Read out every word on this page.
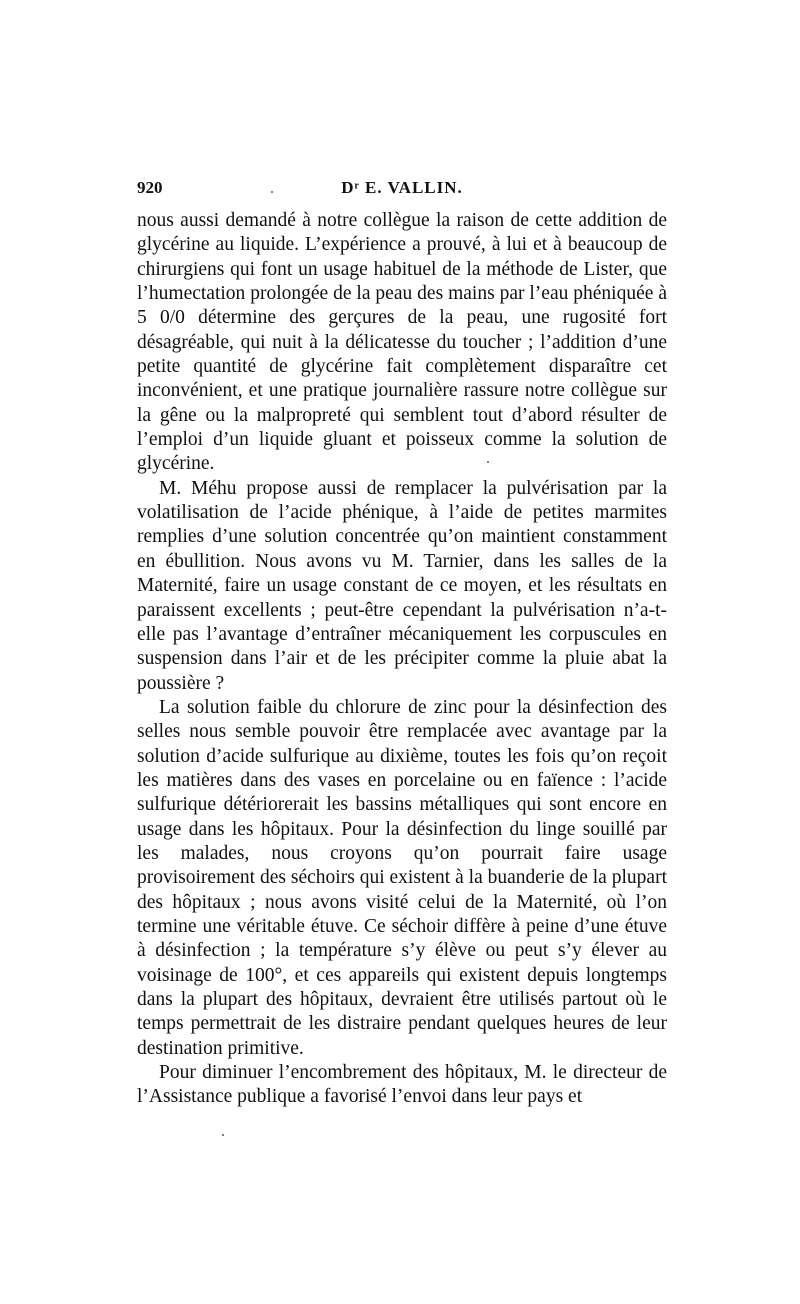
920	Dʳ E. VALLIN.

nous aussi demandé à notre collègue la raison de cette addition de glycérine au liquide. L’expérience a prouvé, à lui et à beaucoup de chirurgiens qui font un usage habituel de la méthode de Lister, que l’humectation prolongée de la peau des mains par l’eau phéniquée à 5 0/0 détermine des gerçures de la peau, une rugosité fort désagréable, qui nuit à la délicatesse du toucher ; l’addition d’une petite quantité de glycérine fait complètement disparaître cet inconvénient, et une pratique journalière rassure notre collègue sur la gêne ou la malpropreté qui semblent tout d’abord résulter de l’emploi d’un liquide gluant et poisseux comme la solution de glycérine.

M. Méhu propose aussi de remplacer la pulvérisation par la volatilisation de l’acide phénique, à l’aide de petites marmites remplies d’une solution concentrée qu’on maintient constamment en ébullition. Nous avons vu M. Tarnier, dans les salles de la Maternité, faire un usage constant de ce moyen, et les résultats en paraissent excellents ; peut-être cependant la pulvérisation n’a-t-elle pas l’avantage d’entraîner mécaniquement les corpuscules en suspension dans l’air et de les précipiter comme la pluie abat la poussière ?

La solution faible du chlorure de zinc pour la désinfection des selles nous semble pouvoir être remplacée avec avantage par la solution d’acide sulfurique au dixième, toutes les fois qu’on reçoit les matières dans des vases en porcelaine ou en faïence : l’acide sulfurique détériorerait les bassins métalliques qui sont encore en usage dans les hôpitaux. Pour la désinfection du linge souillé par les malades, nous croyons qu’on pourrait faire usage provisoirement des séchoirs qui existent à la buanderie de la plupart des hôpitaux ; nous avons visité celui de la Maternité, où l’on termine une véritable étuve. Ce séchoir diffère à peine d’une étuve à désinfection ; la température s’y élève ou peut s’y élever au voisinage de 100°, et ces appareils qui existent depuis longtemps dans la plupart des hôpitaux, devraient être utilisés partout où le temps permettrait de les distraire pendant quelques heures de leur destination primitive.

Pour diminuer l’encombrement des hôpitaux, M. le directeur de l’Assistance publique a favorisé l’envoi dans leur pays et
